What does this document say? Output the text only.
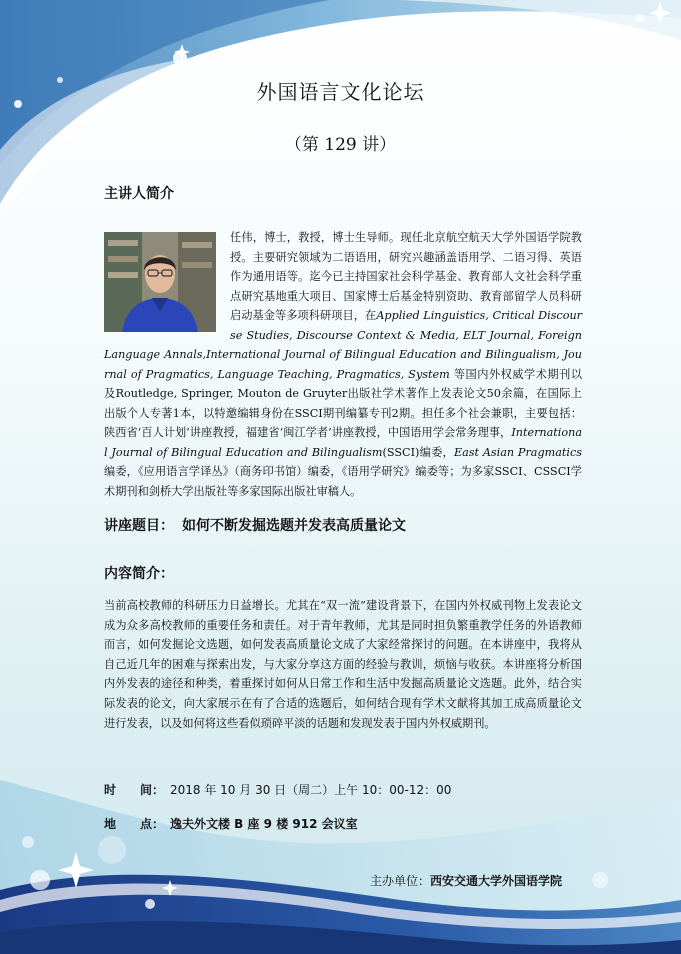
外国语言文化论坛
（第 129 讲）
主讲人简介
任伟，博士，教授，博士生导师。现任北京航空航天大学外国语学院教授。主要研究领域为二语语用，研究兴趣涵盖语用学、二语习得、英语作为通用语等。迄今已主持国家社会科学基金、教育部人文社会科学重点研究基地重大项目、国家博士后基金特别资助、教育部留学人员科研启动基金等多项科研项目，在Applied Linguistics, Critical Discourse Studies, Discourse Context & Media, ELT Journal, Foreign Language Annals,International Journal of Bilingual Education and Bilingualism, Journal of Pragmatics, Language Teaching, Pragmatics, System 等国内外权威学术期刊以及Routledge, Springer, Mouton de Gruyter出版社学术著作上发表论文50余篇，在国际上出版个人专著1本，以特邀编辑身份在SSCI期刊编纂专刊2期。担任多个社会兼职，主要包括：陕西省‘百人计划’讲座教授，福建省‘闽江学者’讲座教授，中国语用学会常务理事，International Journal of Bilingual Education and Bilingualism(SSCI)编委，East Asian Pragmatics编委，《应用语言学译丛》（商务印书馆）编委，《语用学研究》编委等；为多家SSCI、CSSCI学术期刊和剑桥大学出版社等多家国际出版社审稿人。
讲座题目： 如何不断发掘选题并发表高质量论文
内容简介：
当前高校教师的科研压力日益增长。尤其在“双一流”建设背景下，在国内外权威刊物上发表论文成为众多高校教师的重要任务和责任。对于青年教师，尤其是同时担负繁重教学任务的外语教师而言，如何发掘论文选题，如何发表高质量论文成了大家经常探讨的问题。在本讲座中，我将从自己近几年的困难与探索出发，与大家分享这方面的经验与教训，烦恼与收获。本讲座将分析国内外发表的途径和种类，着重探讨如何从日常工作和生活中发掘高质量论文选题。此外，结合实际发表的论文，向大家展示在有了合适的选题后，如何结合现有学术文献将其加工成高质量论文进行发表，以及如何将这些看似琐碎平淡的话题和发现发表于国内外权威期刊。
时 间： 2018 年 10 月 30 日（周二）上午 10：00-12：00
地 点： 逸夫外文楼 B 座 9 楼 912 会议室
主办单位：西安交通大学外国语学院
